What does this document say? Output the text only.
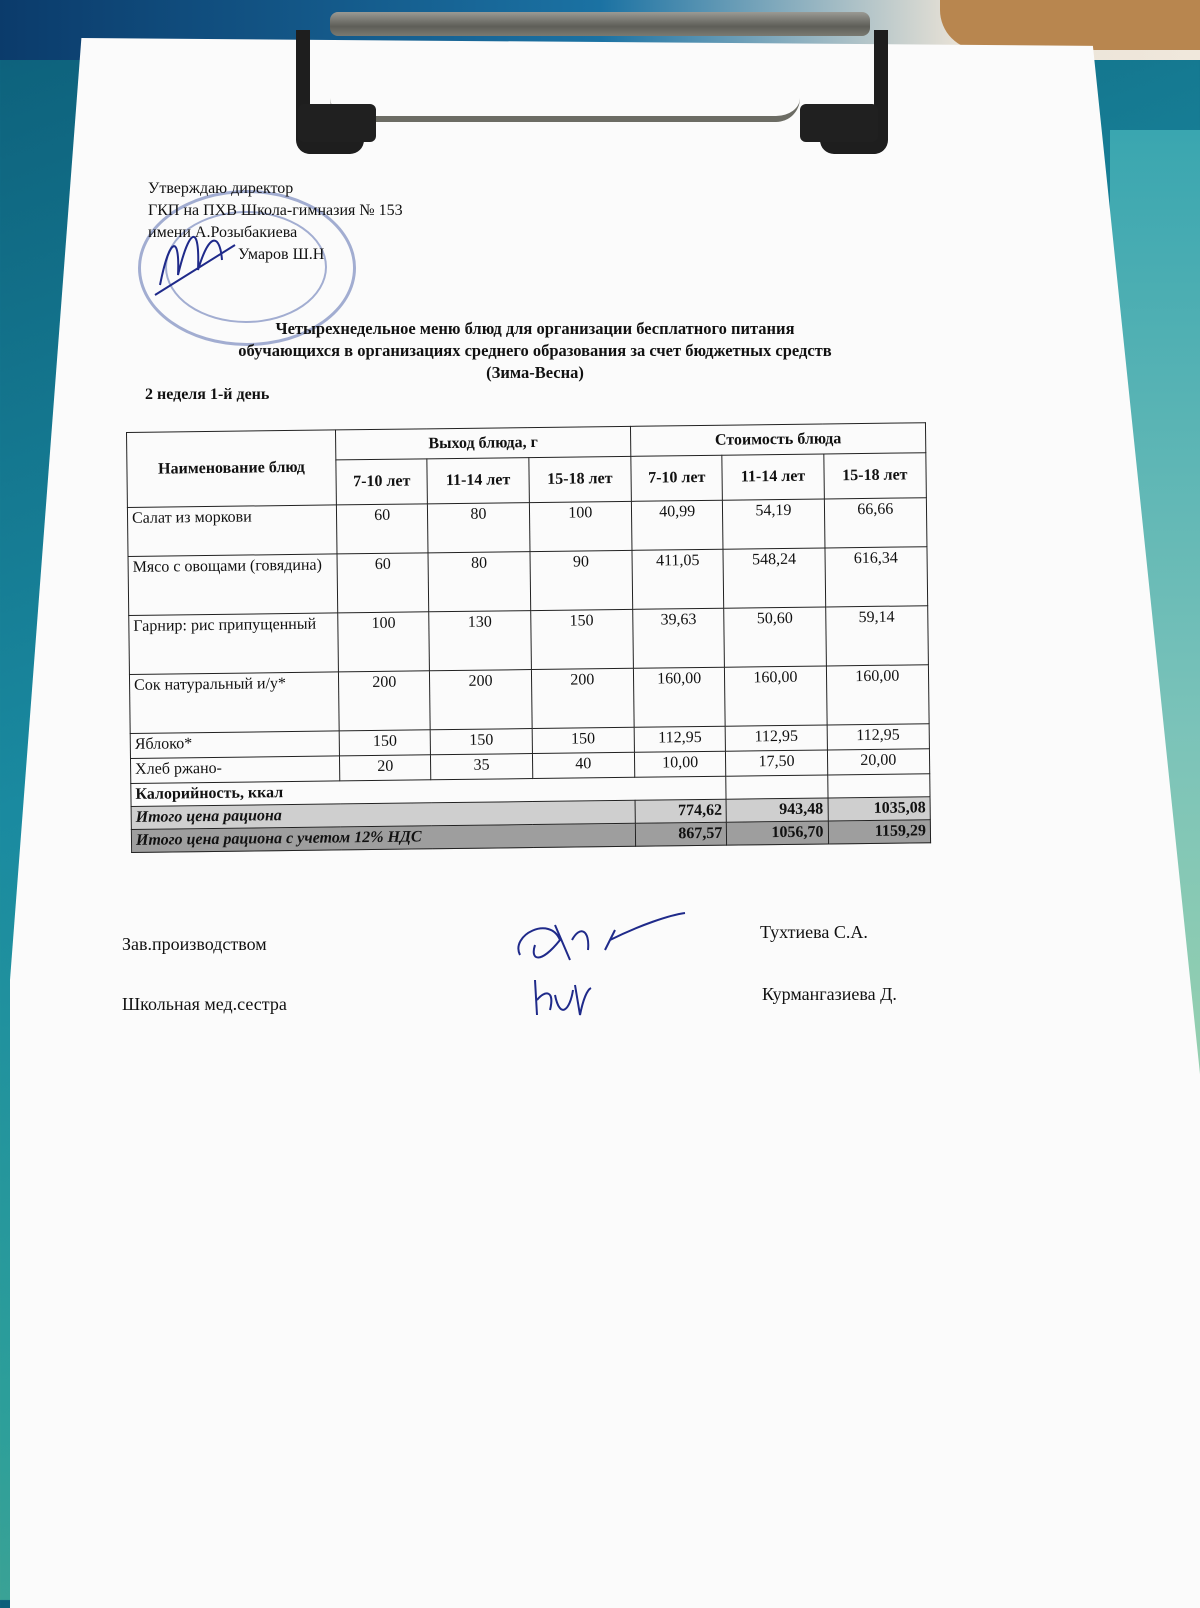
Утверждаю директор
ГКП на ПХВ Школа-гимназия № 153
имени А.Розыбакиева
Умаров Ш.Н
Четырехнедельное меню блюд для организации бесплатного питания
обучающихся в организациях среднего образования за счет бюджетных средств
(Зима-Весна)
2 неделя 1-й день
Наименование блюд	Выход блюда, г			Стоимость блюда		
	7-10 лет	11-14 лет	15-18 лет	7-10 лет	11-14 лет	15-18 лет
Салат из моркови	60	80	100	40,99	54,19	66,66
Мясо с овощами (говядина)	60	80	90	411,05	548,24	616,34
Гарнир: рис припущенный	100	130	150	39,63	50,60	59,14
Сок натуральный и/у*	200	200	200	160,00	160,00	160,00
Яблоко*	150	150	150	112,95	112,95	112,95
Хлеб ржано-	20	35	40	10,00	17,50	20,00
Калорийность, ккал						
Итого цена рациона				774,62	943,48	1035,08
Итого цена рациона с учетом 12% НДС				867,57	1056,70	1159,29
Зав.производством
Тухтиева С.А.
Школьная мед.сестра	Курмангазиева Д.
